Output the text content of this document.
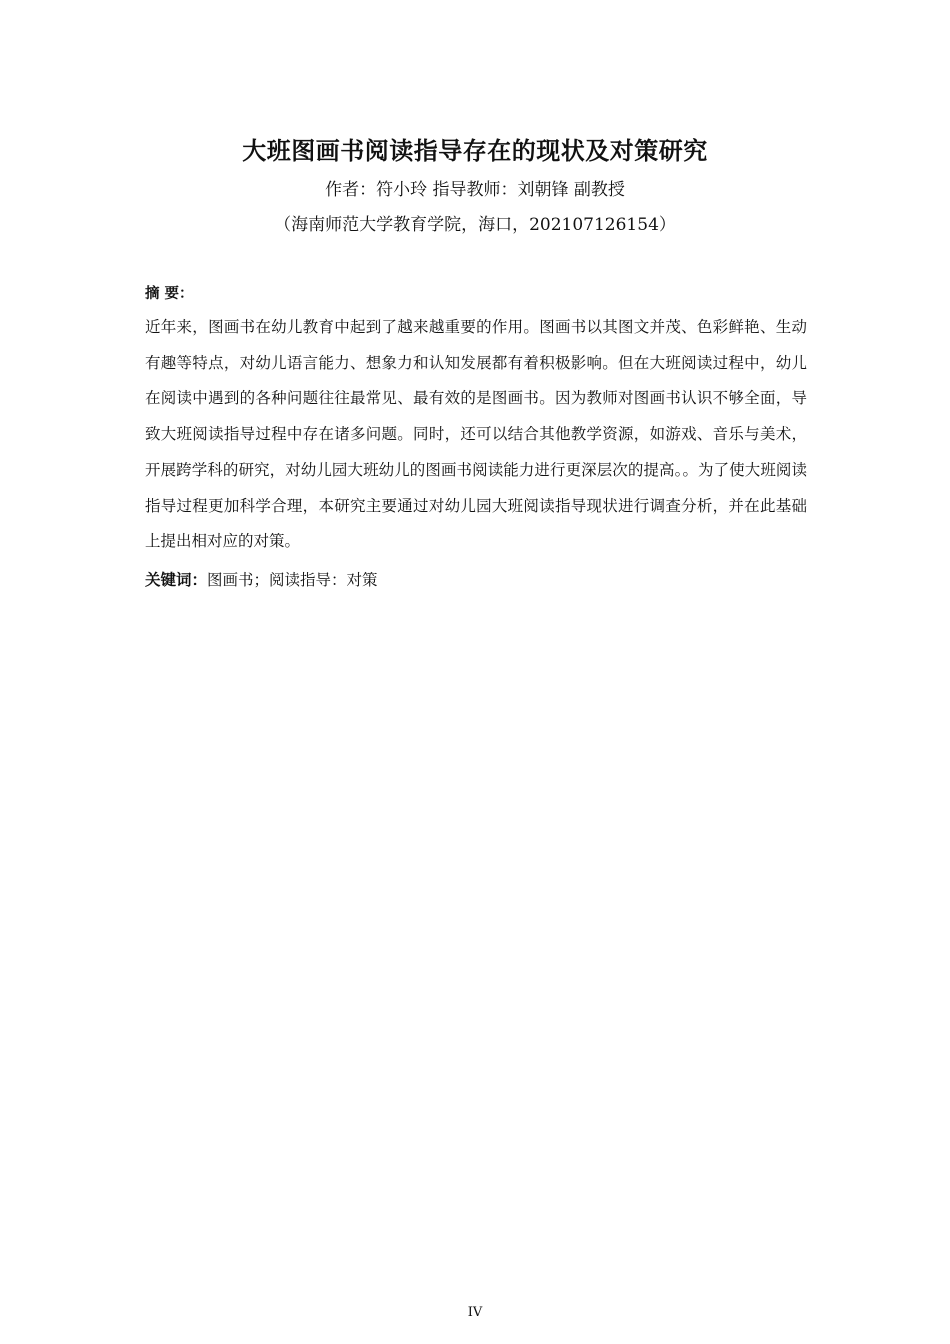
大班图画书阅读指导存在的现状及对策研究
作者：符小玲 指导教师：刘朝锋 副教授
（海南师范大学教育学院，海口，202107126154）
摘 要：
近年来，图画书在幼儿教育中起到了越来越重要的作用。图画书以其图文并茂、色彩鲜艳、生动有趣等特点，对幼儿语言能力、想象力和认知发展都有着积极影响。但在大班阅读过程中，幼儿在阅读中遇到的各种问题往往最常见、最有效的是图画书。因为教师对图画书认识不够全面，导致大班阅读指导过程中存在诸多问题。同时，还可以结合其他教学资源，如游戏、音乐与美术，开展跨学科的研究，对幼儿园大班幼儿的图画书阅读能力进行更深层次的提高。。为了使大班阅读指导过程更加科学合理，本研究主要通过对幼儿园大班阅读指导现状进行调查分析，并在此基础上提出相对应的对策。
关键词：图画书；阅读指导：对策
IV
